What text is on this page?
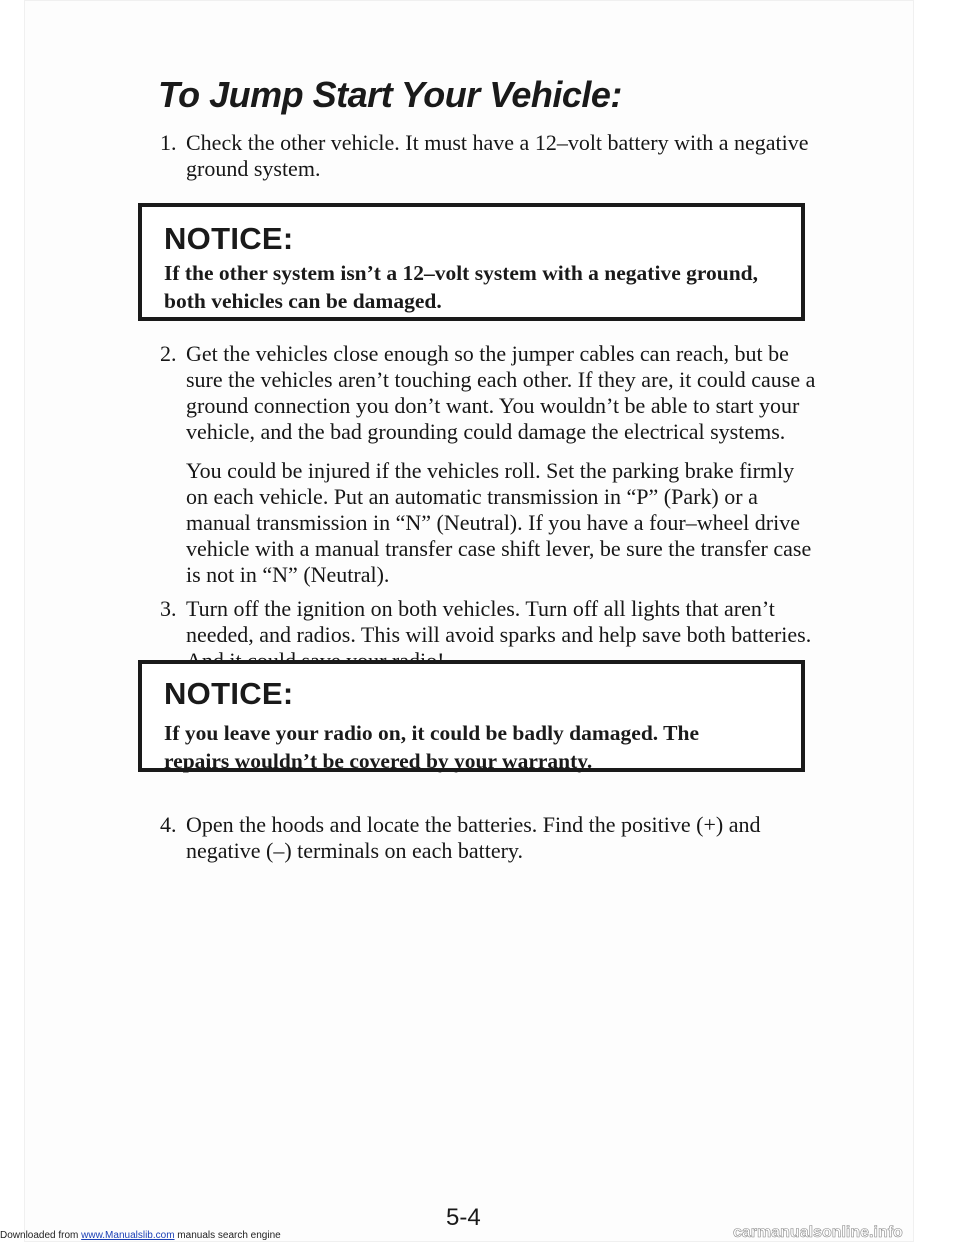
To Jump Start Your Vehicle:
1. Check the other vehicle. It must have a 12–volt battery with a negative ground system.
NOTICE:
If the other system isn’t a 12–volt system with a negative ground, both vehicles can be damaged.
2. Get the vehicles close enough so the jumper cables can reach, but be sure the vehicles aren’t touching each other. If they are, it could cause a ground connection you don’t want. You wouldn’t be able to start your vehicle, and the bad grounding could damage the electrical systems.
You could be injured if the vehicles roll. Set the parking brake firmly on each vehicle. Put an automatic transmission in “P” (Park) or a manual transmission in “N” (Neutral). If you have a four–wheel drive vehicle with a manual transfer case shift lever, be sure the transfer case is not in “N” (Neutral).
3. Turn off the ignition on both vehicles. Turn off all lights that aren’t needed, and radios. This will avoid sparks and help save both batteries.
NOTICE:
If you leave your radio on, it could be badly damaged. The repairs wouldn’t be covered by your warranty.
4. Open the hoods and locate the batteries. Find the positive (+) and negative (–) terminals on each battery.
5-4
Downloaded from www.Manualslib.com manuals search engine	carmanualsonline.info
